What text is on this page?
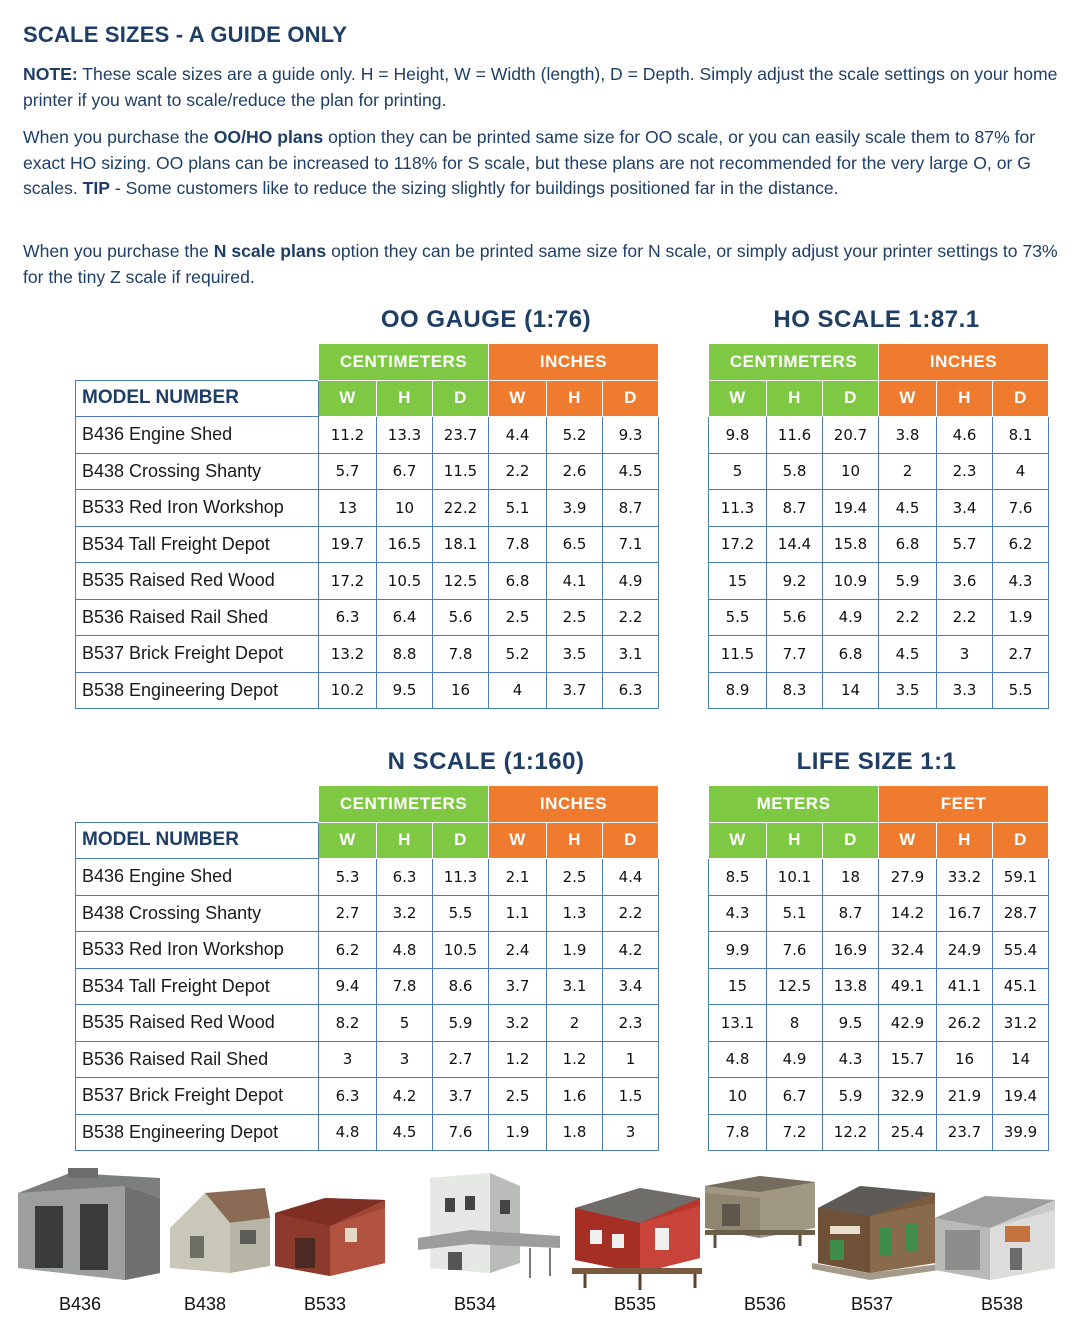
SCALE SIZES - A GUIDE ONLY
NOTE: These scale sizes are a guide only. H = Height, W = Width (length), D = Depth. Simply adjust the scale settings on your home printer if you want to scale/reduce the plan for printing.
When you purchase the OO/HO plans option they can be printed same size for OO scale, or you can easily scale them to 87% for exact HO sizing. OO plans can be increased to 118% for S scale, but these plans are not recommended for the very large O, or G scales. TIP - Some customers like to reduce the sizing slightly for buildings positioned far in the distance.
When you purchase the N scale plans option they can be printed same size for N scale, or simply adjust your printer settings to 73% for the tiny Z scale if required.
OO GAUGE (1:76)	HO SCALE 1:87.1
N SCALE (1:160)	LIFE SIZE 1:1
	CENTIMETERS			INCHES		
MODEL NUMBER	W	H	D	W	H	D
B436 Engine Shed	11.2	13.3	23.7	4.4	5.2	9.3
B438 Crossing Shanty	5.7	6.7	11.5	2.2	2.6	4.5
B533 Red Iron Workshop	13	10	22.2	5.1	3.9	8.7
B534 Tall Freight Depot	19.7	16.5	18.1	7.8	6.5	7.1
B535 Raised Red Wood	17.2	10.5	12.5	6.8	4.1	4.9
B536 Raised Rail Shed	6.3	6.4	5.6	2.5	2.5	2.2
B537 Brick Freight Depot	13.2	8.8	7.8	5.2	3.5	3.1
B538 Engineering Depot	10.2	9.5	16	4	3.7	6.3
CENTIMETERS			INCHES		
W	H	D	W	H	D
9.8	11.6	20.7	3.8	4.6	8.1
5	5.8	10	2	2.3	4
11.3	8.7	19.4	4.5	3.4	7.6
17.2	14.4	15.8	6.8	5.7	6.2
15	9.2	10.9	5.9	3.6	4.3
5.5	5.6	4.9	2.2	2.2	1.9
11.5	7.7	6.8	4.5	3	2.7
8.9	8.3	14	3.5	3.3	5.5
	CENTIMETERS			INCHES		
MODEL NUMBER	W	H	D	W	H	D
B436 Engine Shed	5.3	6.3	11.3	2.1	2.5	4.4
B438 Crossing Shanty	2.7	3.2	5.5	1.1	1.3	2.2
B533 Red Iron Workshop	6.2	4.8	10.5	2.4	1.9	4.2
B534 Tall Freight Depot	9.4	7.8	8.6	3.7	3.1	3.4
B535 Raised Red Wood	8.2	5	5.9	3.2	2	2.3
B536 Raised Rail Shed	3	3	2.7	1.2	1.2	1
B537 Brick Freight Depot	6.3	4.2	3.7	2.5	1.6	1.5
B538 Engineering Depot	4.8	4.5	7.6	1.9	1.8	3
METERS			FEET		
W	H	D	W	H	D
8.5	10.1	18	27.9	33.2	59.1
4.3	5.1	8.7	14.2	16.7	28.7
9.9	7.6	16.9	32.4	24.9	55.4
15	12.5	13.8	49.1	41.1	45.1
13.1	8	9.5	42.9	26.2	31.2
4.8	4.9	4.3	15.7	16	14
10	6.7	5.9	32.9	21.9	19.4
7.8	7.2	12.2	25.4	23.7	39.9
B436	B438	B533	B534	B535	B536	B537	B538
